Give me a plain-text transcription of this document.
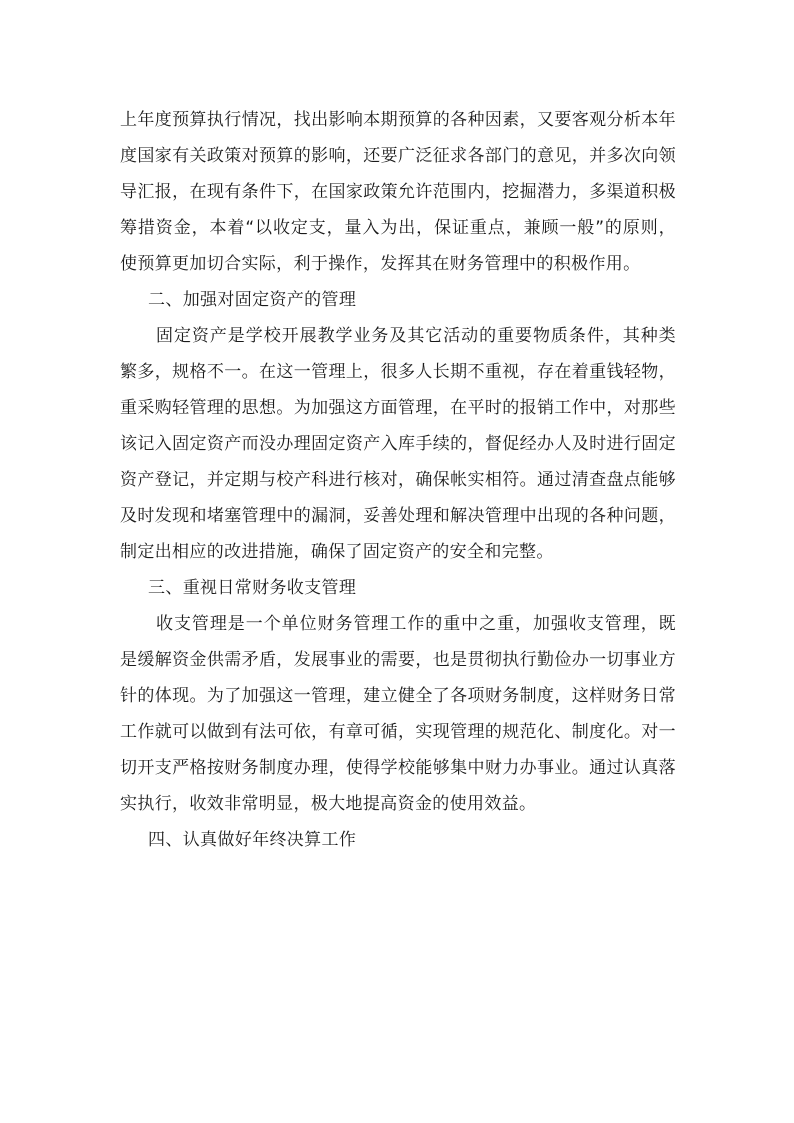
上年度预算执行情况，找出影响本期预算的各种因素，又要客观分析本年度国家有关政策对预算的影响，还要广泛征求各部门的意见，并多次向领导汇报，在现有条件下，在国家政策允许范围内，挖掘潜力，多渠道积极筹措资金，本着“以收定支，量入为出，保证重点，兼顾一般”的原则，使预算更加切合实际，利于操作，发挥其在财务管理中的积极作用。

二、加强对固定资产的管理

固定资产是学校开展教学业务及其它活动的重要物质条件，其种类繁多，规格不一。在这一管理上，很多人长期不重视，存在着重钱轻物，重采购轻管理的思想。为加强这方面管理，在平时的报销工作中，对那些该记入固定资产而没办理固定资产入库手续的，督促经办人及时进行固定资产登记，并定期与校产科进行核对，确保帐实相符。通过清查盘点能够及时发现和堵塞管理中的漏洞，妥善处理和解决管理中出现的各种问题，制定出相应的改进措施，确保了固定资产的安全和完整。

三、重视日常财务收支管理

收支管理是一个单位财务管理工作的重中之重，加强收支管理，既是缓解资金供需矛盾，发展事业的需要，也是贯彻执行勤俭办一切事业方针的体现。为了加强这一管理，建立健全了各项财务制度，这样财务日常工作就可以做到有法可依，有章可循，实现管理的规范化、制度化。对一切开支严格按财务制度办理，使得学校能够集中财力办事业。通过认真落实执行，收效非常明显，极大地提高资金的使用效益。

四、认真做好年终决算工作
